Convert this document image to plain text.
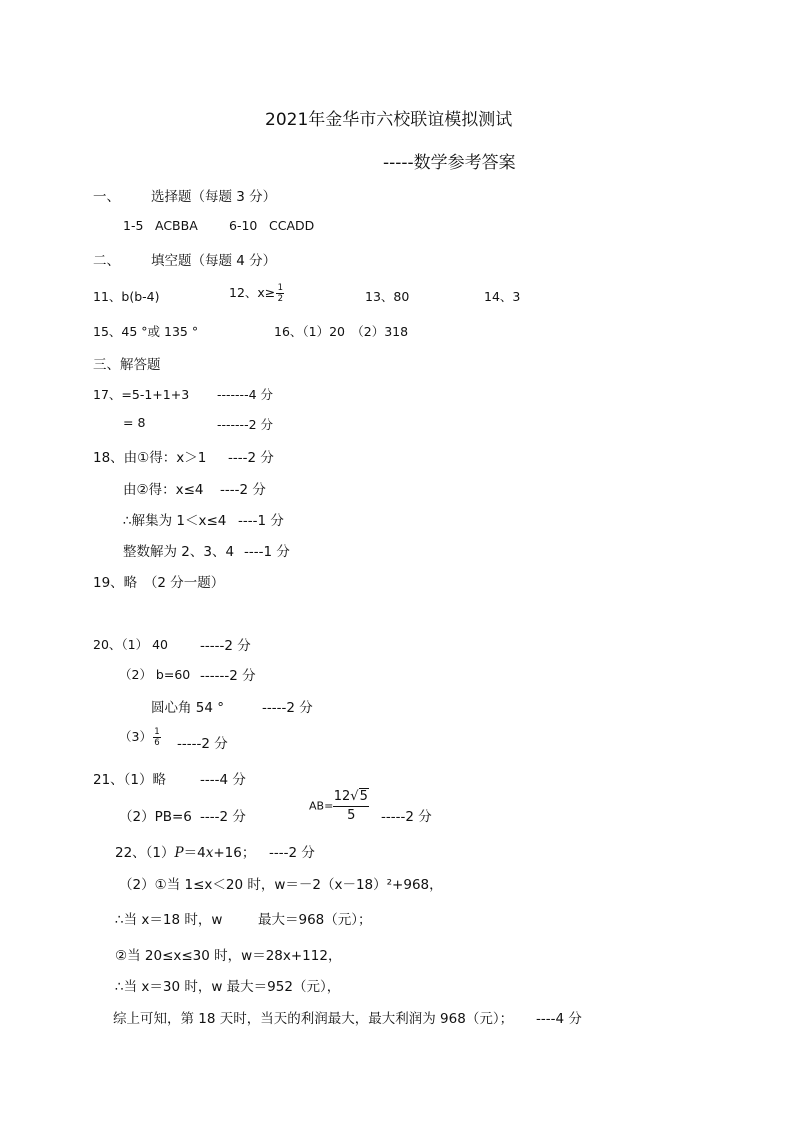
2021年金华市六校联谊模拟测试
-----数学参考答案
一、 选择题（每题 3 分）
1-5 ACBBA 6-10 CCADD
二、 填空题（每题 4 分）
11、b(b-4)	12、$x\ge \frac{1}{2}$	13、80	14、3
15、45 °或 135 °	16、（1）20　（2）318
三、解答题
17、=5-1+1+3 -------4 分
= 8	-------2 分
18、由①得：x＞1 ----2 分
由②得：x≤4 ----2 分
∴解集为 1＜x≤4 ----1 分
整数解为 2、3、4 ----1 分
19、略　（2 分一题）
20、（1） 40 -----2 分
（2） b=60 ------2 分
圆心角 54 °	-----2 分
$(3) \frac{1}{6} -----2$ 分
21、（1）略	----4 分
（2）PB=6 ----2 分
$AB= \frac{12√5}{5} -----2$ 分
22、（1）P＝4x+16； ----2 分
（2）①当 1≤x＜20 时，w＝－2（x－18）²+968，
∴当 x＝18 时，w	最大＝968（元）；
②当 20≤x≤30 时，w＝28x+112，
∴当 x＝30 时，w 最大＝952（元），
综上可知，第 18 天时，当天的利润最大，最大利润为 968（元）； ----4 分
